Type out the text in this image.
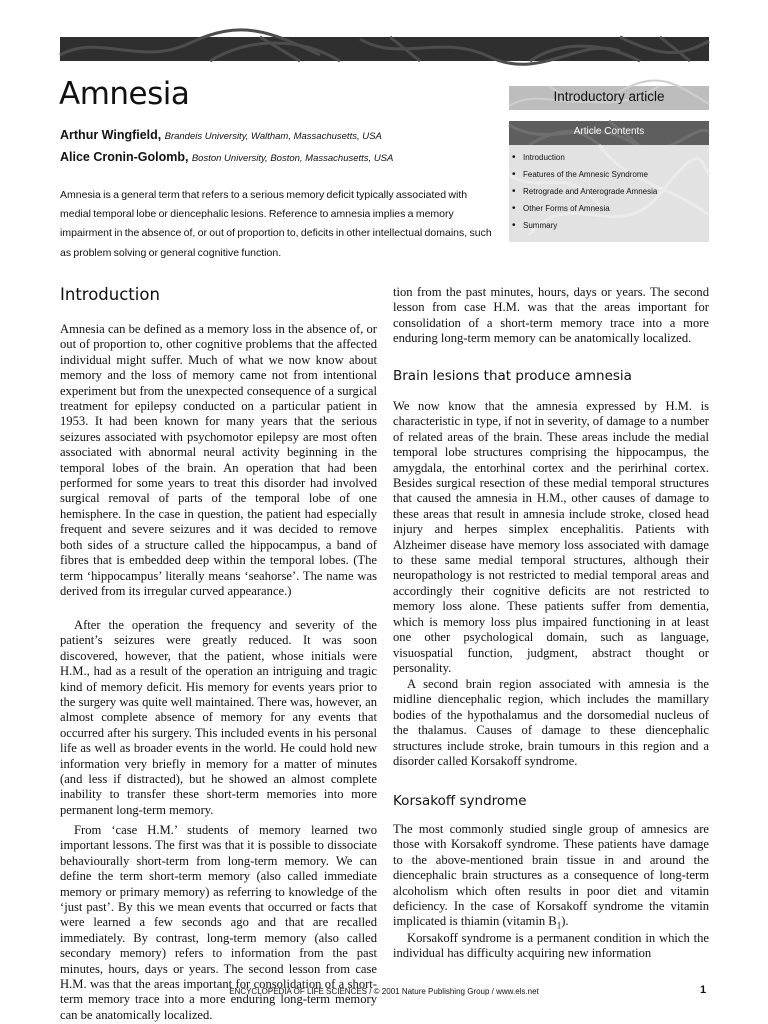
Amnesia
Arthur Wingfield, Brandeis University, Waltham, Massachusetts, USA
Alice Cronin-Golomb, Boston University, Boston, Massachusetts, USA

Amnesia is a general term that refers to a serious memory deficit typically associated with medial temporal lobe or diencephalic lesions. Reference to amnesia implies a memory impairment in the absence of, or out of proportion to, deficits in other intellectual domains, such as problem solving or general cognitive function.

Introductory article
Article Contents
• Introduction
• Features of the Amnesic Syndrome
• Retrograde and Anterograde Amnesia
• Other Forms of Amnesia
• Summary
Introduction

Amnesia can be defined as a memory loss in the absence of, or out of proportion to, other cognitive problems that the affected individual might suffer. Much of what we now know about memory and the loss of memory came not from intentional experiment but from the unexpected consequence of a surgical treatment for epilepsy conducted on a particular patient in 1953. It had been known for many years that the serious seizures associated with psychomotor epilepsy are most often associated with abnormal neural activity beginning in the temporal lobes of the brain. An operation that had been performed for some years to treat this disorder had involved surgical removal of parts of the temporal lobe of one hemisphere. In the case in question, the patient had especially frequent and severe seizures and it was decided to remove both sides of a structure called the hippocampus, a band of fibres that is embedded deep within the temporal lobes. (The term ‘hippocampus’ literally means ‘seahorse’. The name was derived from its irregular curved appearance.)

After the operation the frequency and severity of the patient’s seizures were greatly reduced. It was soon discovered, however, that the patient, whose initials were H.M., had as a result of the operation an intriguing and tragic kind of memory deficit. His memory for events years prior to the surgery was quite well maintained. There was, however, an almost complete absence of memory for any events that occurred after his surgery. This included events in his personal life as well as broader events in the world. He could hold new information very briefly in memory for a matter of minutes (and less if distracted), but he showed an almost complete inability to transfer these short-term memories into more permanent long-term memory.

From ‘case H.M.’ students of memory learned two important lessons. The first was that it is possible to dissociate behaviourally short-term from long-term memory. We can define the term short-term memory (also called immediate memory or primary memory) as referring to knowledge of the ‘just past’. By this we mean events that occurred or facts that were learned a few seconds ago and that are recalled immediately. By contrast, long-term memory (also called secondary memory) refers to information from the past minutes, hours, days or years. The second lesson from case H.M. was that the areas important for consolidation of a short-term memory trace into a more enduring long-term memory can be anatomically localized.

tion from the past minutes, hours, days or years. The second lesson from case H.M. was that the areas important for consolidation of a short-term memory trace into a more enduring long-term memory can be anatomically localized.

Brain lesions that produce amnesia

We now know that the amnesia expressed by H.M. is characteristic in type, if not in severity, of damage to a number of related areas of the brain. These areas include the medial temporal lobe structures comprising the hippocampus, the amygdala, the entorhinal cortex and the perirhinal cortex. Besides surgical resection of these medial temporal structures that caused the amnesia in H.M., other causes of damage to these areas that result in amnesia include stroke, closed head injury and herpes simplex encephalitis. Patients with Alzheimer disease have memory loss associated with damage to these same medial temporal structures, although their neuropathology is not restricted to medial temporal areas and accordingly their cognitive deficits are not restricted to memory loss alone. These patients suffer from dementia, which is memory loss plus impaired functioning in at least one other psychological domain, such as language, visuospatial function, judgment, abstract thought or personality.

A second brain region associated with amnesia is the midline diencephalic region, which includes the mamillary bodies of the hypothalamus and the dorsomedial nucleus of the thalamus. Causes of damage to these diencephalic structures include stroke, brain tumours in this region and a disorder called Korsakoff syndrome.

Korsakoff syndrome

The most commonly studied single group of amnesics are those with Korsakoff syndrome. These patients have damage to the above-mentioned brain tissue in and around the diencephalic brain structures as a consequence of long-term alcoholism which often results in poor diet and vitamin deficiency. In the case of Korsakoff syndrome the vitamin implicated is thiamin (vitamin $B_1$).

Korsakoff syndrome is a permanent condition in which the individual has difficulty acquiring new information

ENCYCLOPEDIA OF LIFE SCIENCES / © 2001 Nature Publishing Group / www.els.net	1
